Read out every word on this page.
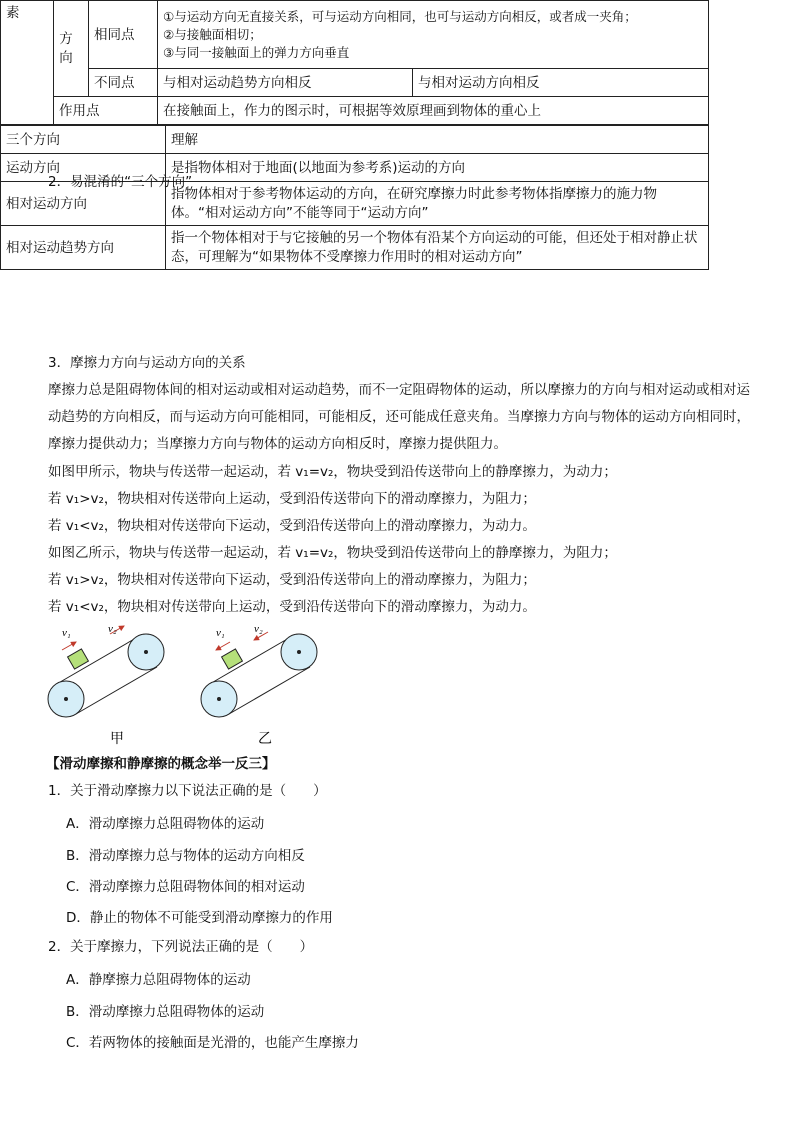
素	方向	相同点	①与运动方向无直接关系，可与运动方向相同，也可与运动方向相反，或者成一夹角；
②与接触面相切；
③与同一接触面上的弹力方向垂直	

		不同点	与相对运动趋势方向相反	与相对运动方向相反
	作用点		在接触面上，作力的图示时，可根据等效原理画到物体的重心上	
2．易混淆的“三个方向”
三个方向	理解
运动方向	是指物体相对于地面(以地面为参考系)运动的方向
相对运动方向	指物体相对于参考物体运动的方向，在研究摩擦力时此参考物体指摩擦力的施力物体。“相对运动方向”不能等同于“运动方向”
相对运动趋势方向	指一个物体相对于与它接触的另一个物体有沿某个方向运动的可能，但还处于相对静止状态，可理解为“如果物体不受摩擦力作用时的相对运动方向”
3．摩擦力方向与运动方向的关系

摩擦力总是阻碍物体间的相对运动或相对运动趋势，而不一定阻碍物体的运动，所以摩擦力的方向与相对运动或相对运动趋势的方向相反，而与运动方向可能相同，可能相反，还可能成任意夹角。当摩擦力方向与物体的运动方向相同时，摩擦力提供动力；当摩擦力方向与物体的运动方向相反时，摩擦力提供阻力。

如图甲所示，物块与传送带一起运动，若 v₁=v₂，物块受到沿传送带向上的静摩擦力，为动力；
若 v₁>v₂，物块相对传送带向上运动，受到沿传送带向下的滑动摩擦力，为阻力；
若 v₁<v₂，物块相对传送带向下运动，受到沿传送带向上的滑动摩擦力，为动力。
如图乙所示，物块与传送带一起运动，若 v₁=v₂，物块受到沿传送带向上的静摩擦力，为阻力；
若 v₁>v₂，物块相对传送带向下运动，受到沿传送带向上的滑动摩擦力，为阻力；
若 v₁<v₂，物块相对传送带向上运动，受到沿传送带向下的滑动摩擦力，为动力。
v₁	v₂
甲
v₁	v₂
乙
【滑动摩擦和静摩擦的概念举一反三】
1．关于滑动摩擦力以下说法正确的是（　　）
A．滑动摩擦力总阻碍物体的运动
B．滑动摩擦力总与物体的运动方向相反
C．滑动摩擦力总阻碍物体间的相对运动
D．静止的物体不可能受到滑动摩擦力的作用
2．关于摩擦力，下列说法正确的是（　　）
A．静摩擦力总阻碍物体的运动
B．滑动摩擦力总阻碍物体的运动
C．若两物体的接触面是光滑的，也能产生摩擦力
